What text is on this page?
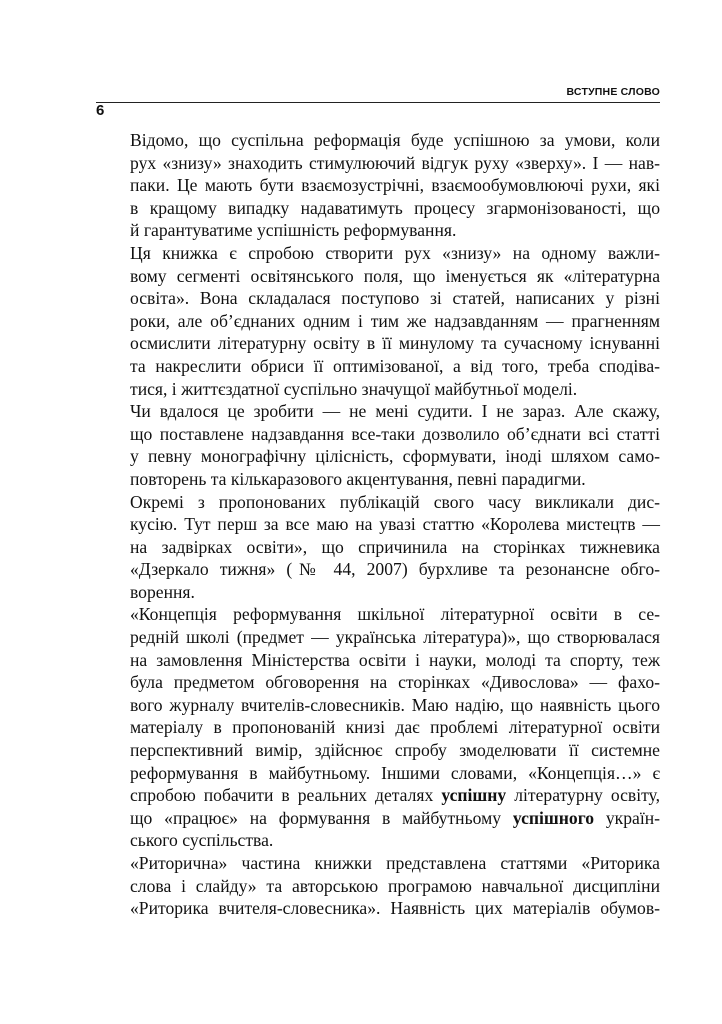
ВСТУПНЕ СЛОВО
6

Відомо, що суспільна реформація буде успішною за умови, коли
рух «знизу» знаходить стимулюючий відгук руху «зверху». І — нав-
паки. Це мають бути взаємозустрічні, взаємообумовлюючі рухи, які
в кращому випадку надаватимуть процесу згармонізованості, що
й гарантуватиме успішність реформування.

Ця книжка є спробою створити рух «знизу» на одному важли-
вому сегменті освітянського поля, що іменується як «літературна
освіта». Вона складалася поступово зі статей, написаних у різні
роки, але об’єднаних одним і тим же надзавданням — прагненням
осмислити літературну освіту в її минулому та сучасному існуванні
та накреслити обриси її оптимізованої, а від того, треба сподіва-
тися, і життєздатної суспільно значущої майбутньої моделі.

Чи вдалося це зробити — не мені судити. І не зараз. Але скажу,
що поставлене надзавдання все-таки дозволило об’єднати всі статті
у певну монографічну цілісність, сформувати, іноді шляхом само-
повторень та кількаразового акцентування, певні парадигми.

Окремі з пропонованих публікацій свого часу викликали дис-
кусію. Тут перш за все маю на увазі статтю «Королева мистецтв —
на задвірках освіти», що спричинила на сторінках тижневика
«Дзеркало тижня» (№ 44, 2007) бурхливе та резонансне обго-
ворення.

«Концепція реформування шкільної літературної освіти в се-
редній школі (предмет — українська література)», що створювалася
на замовлення Міністерства освіти і науки, молоді та спорту, теж
була предметом обговорення на сторінках «Дивослова» — фахо-
вого журналу вчителів-словесників. Маю надію, що наявність цього
матеріалу в пропонованій книзі дає проблемі літературної освіти
перспективний вимір, здійснює спробу змоделювати її системне
реформування в майбутньому. Іншими словами, «Концепція…» є
спробою побачити в реальних деталях успішну літературну освіту,
що «працює» на формування в майбутньому успішного україн-
ського суспільства.

«Риторична» частина книжки представлена статтями «Риторика
слова і слайду» та авторською програмою навчальної дисципліни
«Риторика вчителя-словесника». Наявність цих матеріалів обумов-
